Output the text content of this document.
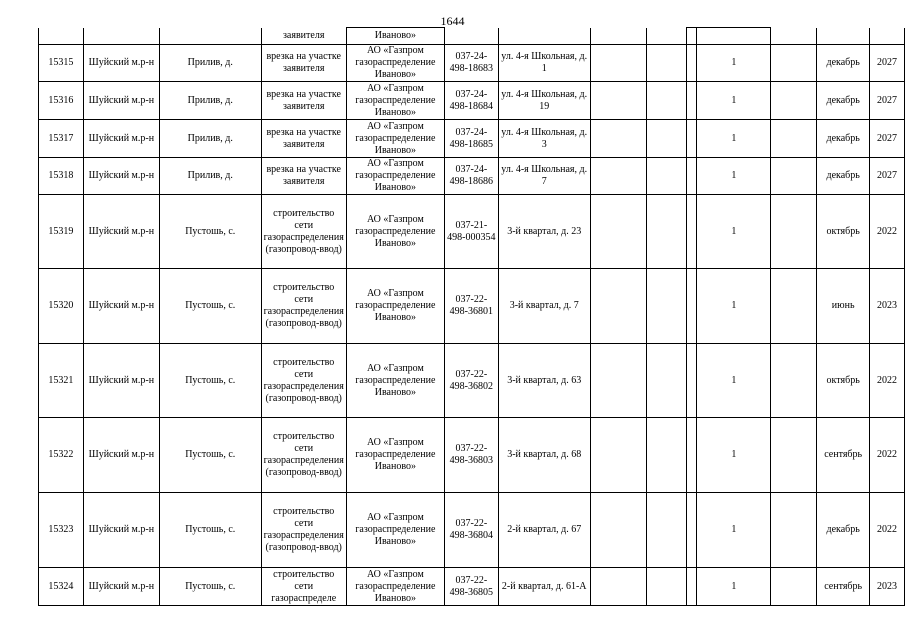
1644
			заявителя	Иваново»									
15315	Шуйский м.р-н	Прилив, д.	врезка на участке заявителя	АО «Газпром газораспределение Иваново»	037-24-498-18683	ул. 4-я Школьная, д. 1				1		декабрь	2027
15316	Шуйский м.р-н	Прилив, д.	врезка на участке заявителя	АО «Газпром газораспределение Иваново»	037-24-498-18684	ул. 4-я Школьная, д. 19				1		декабрь	2027
15317	Шуйский м.р-н	Прилив, д.	врезка на участке заявителя	АО «Газпром газораспределение Иваново»	037-24-498-18685	ул. 4-я Школьная, д. 3				1		декабрь	2027
15318	Шуйский м.р-н	Прилив, д.	врезка на участке заявителя	АО «Газпром газораспределение Иваново»	037-24-498-18686	ул. 4-я Школьная, д. 7				1		декабрь	2027
15319	Шуйский м.р-н	Пустошь, с.	строительство сети газораспределения (газопровод-ввод)	АО «Газпром газораспределение Иваново»	037-21-498-000354	3-й квартал, д. 23				1		октябрь	2022
15320	Шуйский м.р-н	Пустошь, с.	строительство сети газораспределения (газопровод-ввод)	АО «Газпром газораспределение Иваново»	037-22-498-36801	3-й квартал, д. 7				1		июнь	2023
15321	Шуйский м.р-н	Пустошь, с.	строительство сети газораспределения (газопровод-ввод)	АО «Газпром газораспределение Иваново»	037-22-498-36802	3-й квартал, д. 63				1		октябрь	2022
15322	Шуйский м.р-н	Пустошь, с.	строительство сети газораспределения (газопровод-ввод)	АО «Газпром газораспределение Иваново»	037-22-498-36803	3-й квартал, д. 68				1		сентябрь	2022
15323	Шуйский м.р-н	Пустошь, с.	строительство сети газораспределения (газопровод-ввод)	АО «Газпром газораспределение Иваново»	037-22-498-36804	2-й квартал, д. 67				1		декабрь	2022
15324	Шуйский м.р-н	Пустошь, с.	строительство сети газораспределе	АО «Газпром газораспределение Иваново»	037-22-498-36805	2-й квартал, д. 61-А				1		сентябрь	2023
